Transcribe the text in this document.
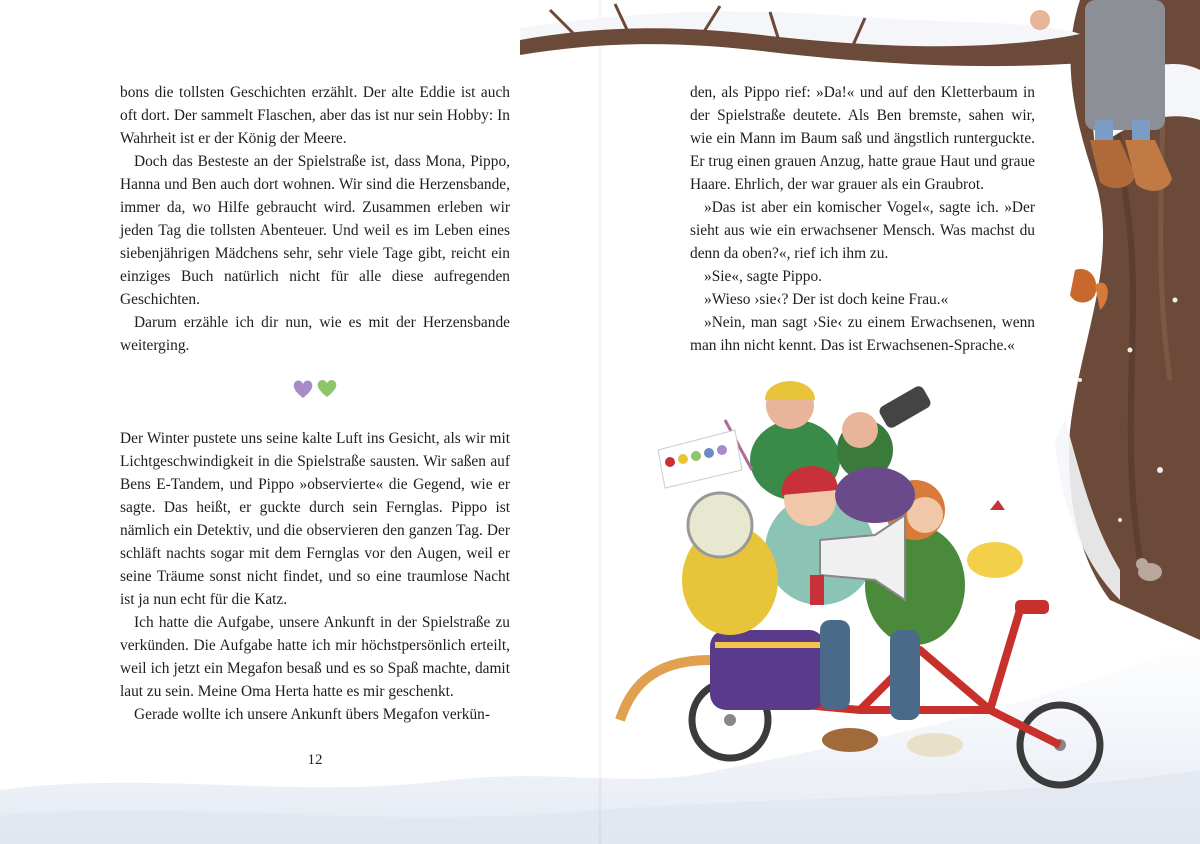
bons die tollsten Geschichten erzählt. Der alte Eddie ist auch oft dort. Der sammelt Flaschen, aber das ist nur sein Hobby: In Wahrheit ist er der König der Meere.

Doch das Besteste an der Spielstraße ist, dass Mona, Pippo, Hanna und Ben auch dort wohnen. Wir sind die Herzensbande, immer da, wo Hilfe gebraucht wird. Zusammen erleben wir jeden Tag die tollsten Abenteuer. Und weil es im Leben eines siebenjährigen Mädchens sehr, sehr viele Tage gibt, reicht ein einziges Buch natürlich nicht für alle diese aufregenden Geschichten.

Darum erzähle ich dir nun, wie es mit der Herzensbande weiterging.

Der Winter pustete uns seine kalte Luft ins Gesicht, als wir mit Lichtgeschwindigkeit in die Spielstraße sausten. Wir saßen auf Bens E-Tandem, und Pippo »observierte« die Gegend, wie er sagte. Das heißt, er guckte durch sein Fernglas. Pippo ist nämlich ein Detektiv, und die observieren den ganzen Tag. Der schläft nachts sogar mit dem Fernglas vor den Augen, weil er seine Träume sonst nicht findet, und so eine traumlose Nacht ist ja nun echt für die Katz.

Ich hatte die Aufgabe, unsere Ankunft in der Spielstraße zu verkünden. Die Aufgabe hatte ich mir höchstpersönlich erteilt, weil ich jetzt ein Megafon besaß und es so Spaß machte, damit laut zu sein. Meine Oma Herta hatte es mir geschenkt.

Gerade wollte ich unsere Ankunft übers Megafon verkün-

12

den, als Pippo rief: »Da!« und auf den Kletterbaum in der Spielstraße deutete. Als Ben bremste, sahen wir, wie ein Mann im Baum saß und ängstlich runterguckte. Er trug einen grauen Anzug, hatte graue Haut und graue Haare. Ehrlich, der war grauer als ein Graubrot.

»Das ist aber ein komischer Vogel«, sagte ich. »Der sieht aus wie ein erwachsener Mensch. Was machst du denn da oben?«, rief ich ihm zu.

»Sie«, sagte Pippo.

»Wieso ›sie‹? Der ist doch keine Frau.«

»Nein, man sagt ›Sie‹ zu einem Erwachsenen, wenn man ihn nicht kennt. Das ist Erwachsenen-Sprache.«
